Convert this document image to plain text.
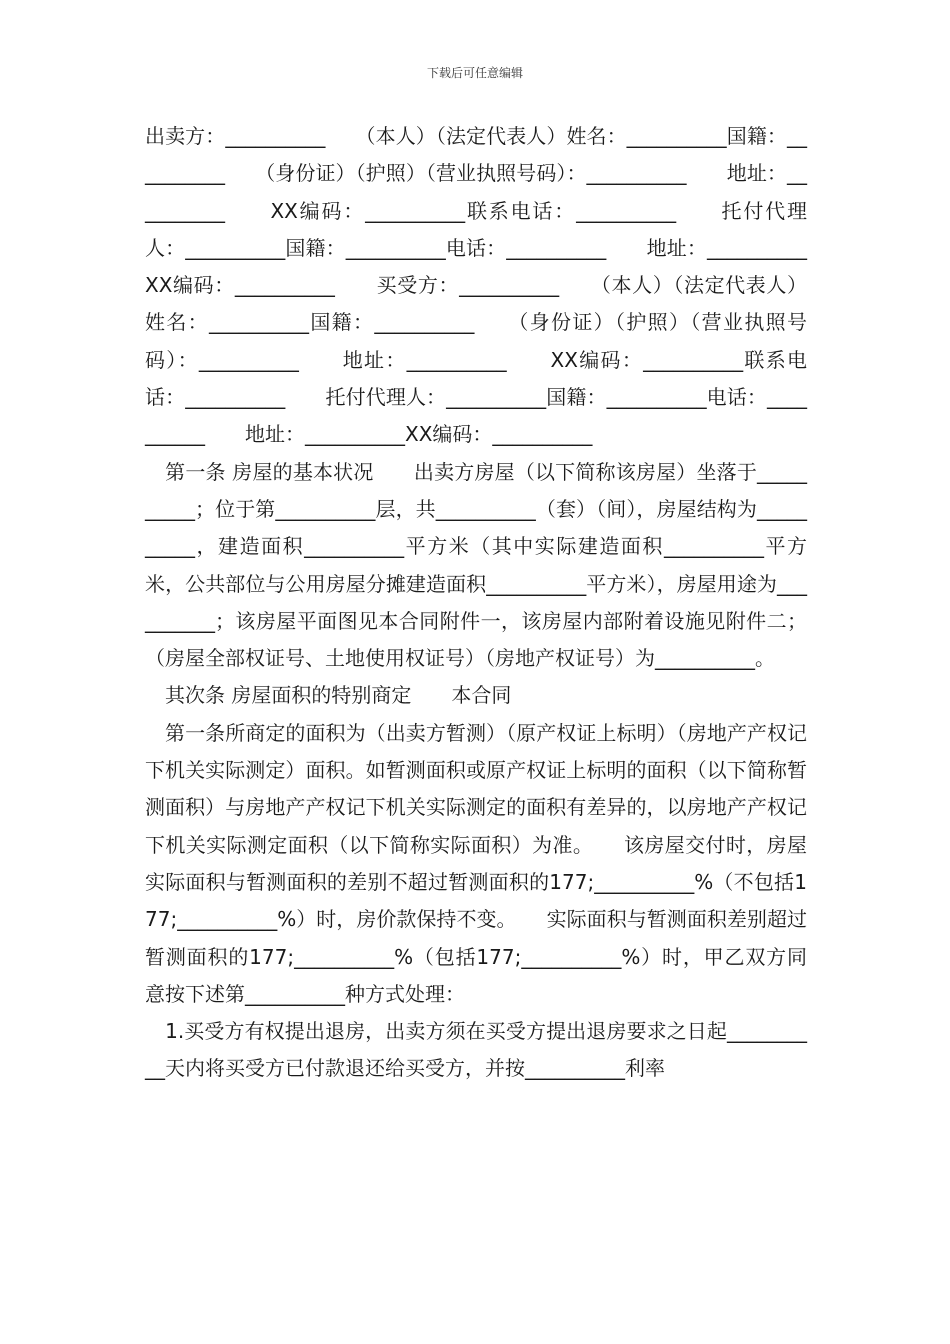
下载后可任意编辑

出卖方：__________　　（本人）（法定代表人）姓名：__________国籍：__________　　（身份证）（护照）（营业执照号码）：__________　　地址：__________　　XX编码：__________联系电话：__________　　托付代理人：__________国籍：__________电话：__________　　地址：__________XX编码：__________　　买受方：__________　　（本人）（法定代表人）姓名：__________国籍：__________　　（身份证）（护照）（营业执照号码）：__________　　地址：__________　　XX编码：__________联系电话：__________　　托付代理人：__________国籍：__________电话：__________　　地址：__________XX编码：__________

　第一条 房屋的基本状况　　出卖方房屋（以下简称该房屋）坐落于__________；位于第__________层，共__________（套）（间），房屋结构为__________，建造面积__________平方米（其中实际建造面积__________平方米，公共部位与公用房屋分摊建造面积__________平方米），房屋用途为__________；该房屋平面图见本合同附件一，该房屋内部附着设施见附件二；（房屋全部权证号、土地使用权证号）（房地产权证号）为__________。

　其次条 房屋面积的特别商定　　本合同

　第一条所商定的面积为（出卖方暂测）（原产权证上标明）（房地产产权记下机关实际测定）面积。如暂测面积或原产权证上标明的面积（以下简称暂测面积）与房地产产权记下机关实际测定的面积有差异的，以房地产产权记下机关实际测定面积（以下简称实际面积）为准。　　该房屋交付时，房屋实际面积与暂测面积的差别不超过暂测面积的177;__________%（不包括177;__________%）时，房价款保持不变。　　实际面积与暂测面积差别超过暂测面积的177;__________%（包括177;__________%）时，甲乙双方同意按下述第__________种方式处理：

　1.买受方有权提出退房，出卖方须在买受方提出退房要求之日起__________天内将买受方已付款退还给买受方，并按__________利率
